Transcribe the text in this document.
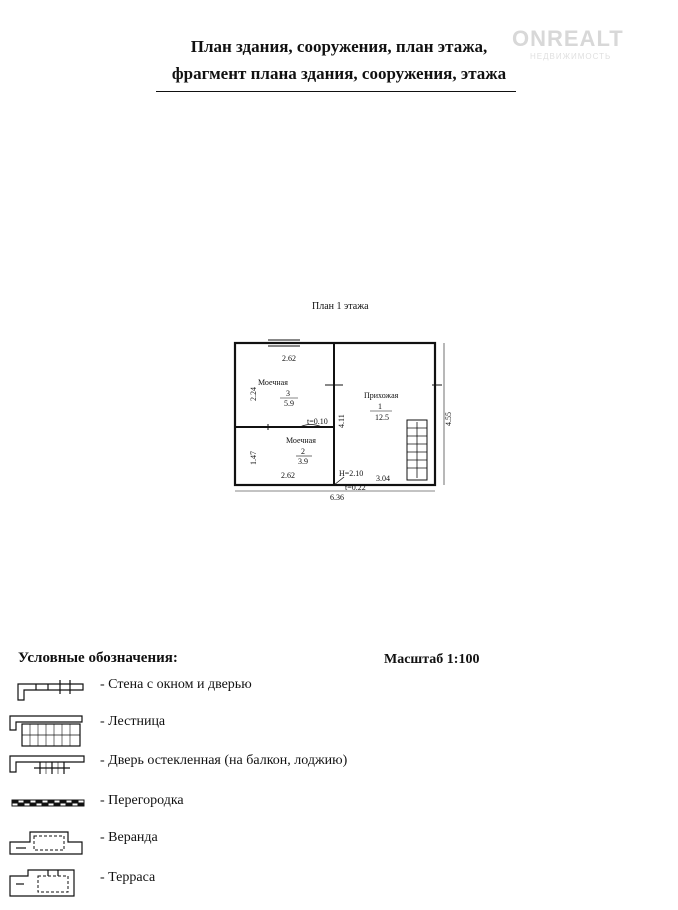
ONREALT
НЕДВИЖИМОСТЬ
План здания, сооружения, план этажа,
фрагмент плана здания, сооружения, этажа
План 1 этажа
2.62
Моечная
3
5.9
2.24
t=0.10
Моечная
2
3.9
1.47
2.62
Прихожая
1
12.5
4.11	4.55
H=2.10
3.04
t=0.22
6.36
Условные обозначения:	Масштаб 1:100
- Стена с окном и дверью
- Лестница
- Дверь остекленная (на балкон, лоджию)
- Перегородка
- Веранда
- Терраса
